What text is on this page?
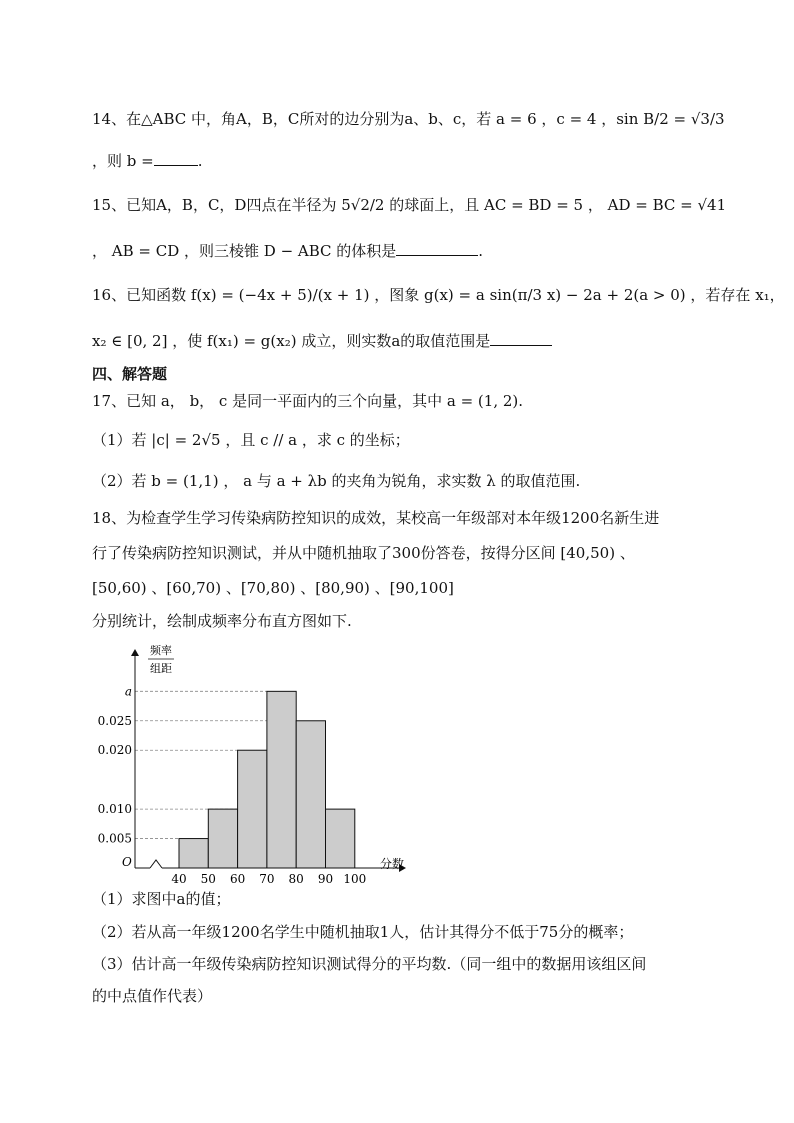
14、在△ABC 中，角A，B，C所对的边分别为a、b、c，若 a = 6 ，c = 4 ，sin B/2 = √3/3
，则 b =	.
15、已知A，B，C，D四点在半径为 5√2/2 的球面上，且 AC = BD = 5 ， AD = BC = √41
， AB = CD ，则三棱锥 D − ABC 的体积是	.
16、已知函数 f(x) = (−4x + 5)/(x + 1) ，图象 g(x) = a sin(π/3 x) − 2a + 2(a > 0) ，若存在 x₁，
x₂ ∈ [0, 2] ，使 f(x₁) = g(x₂) 成立，则实数a的取值范围是
四、解答题
17、已知 a， b， c 是同一平面内的三个向量，其中 a = (1, 2).
（1）若 |c| = 2√5 ，且 c // a ，求 c 的坐标；
（2）若 b = (1,1) ， a 与 a + λb 的夹角为锐角，求实数 λ 的取值范围.
18、为检查学生学习传染病防控知识的成效，某校高一年级部对本年级1200名新生进
行了传染病防控知识测试，并从中随机抽取了300份答卷，按得分区间 [40,50) 、
[50,60) 、[60,70) 、[70,80) 、[80,90) 、[90,100]
分别统计，绘制成频率分布直方图如下.
频率
组距
O	分数
0.005
0.010
0.020
0.025
a
40 50 60 70 80 90 100
（1）求图中a的值；
（2）若从高一年级1200名学生中随机抽取1人，估计其得分不低于75分的概率；
（3）估计高一年级传染病防控知识测试得分的平均数.（同一组中的数据用该组区间
的中点值作代表）
